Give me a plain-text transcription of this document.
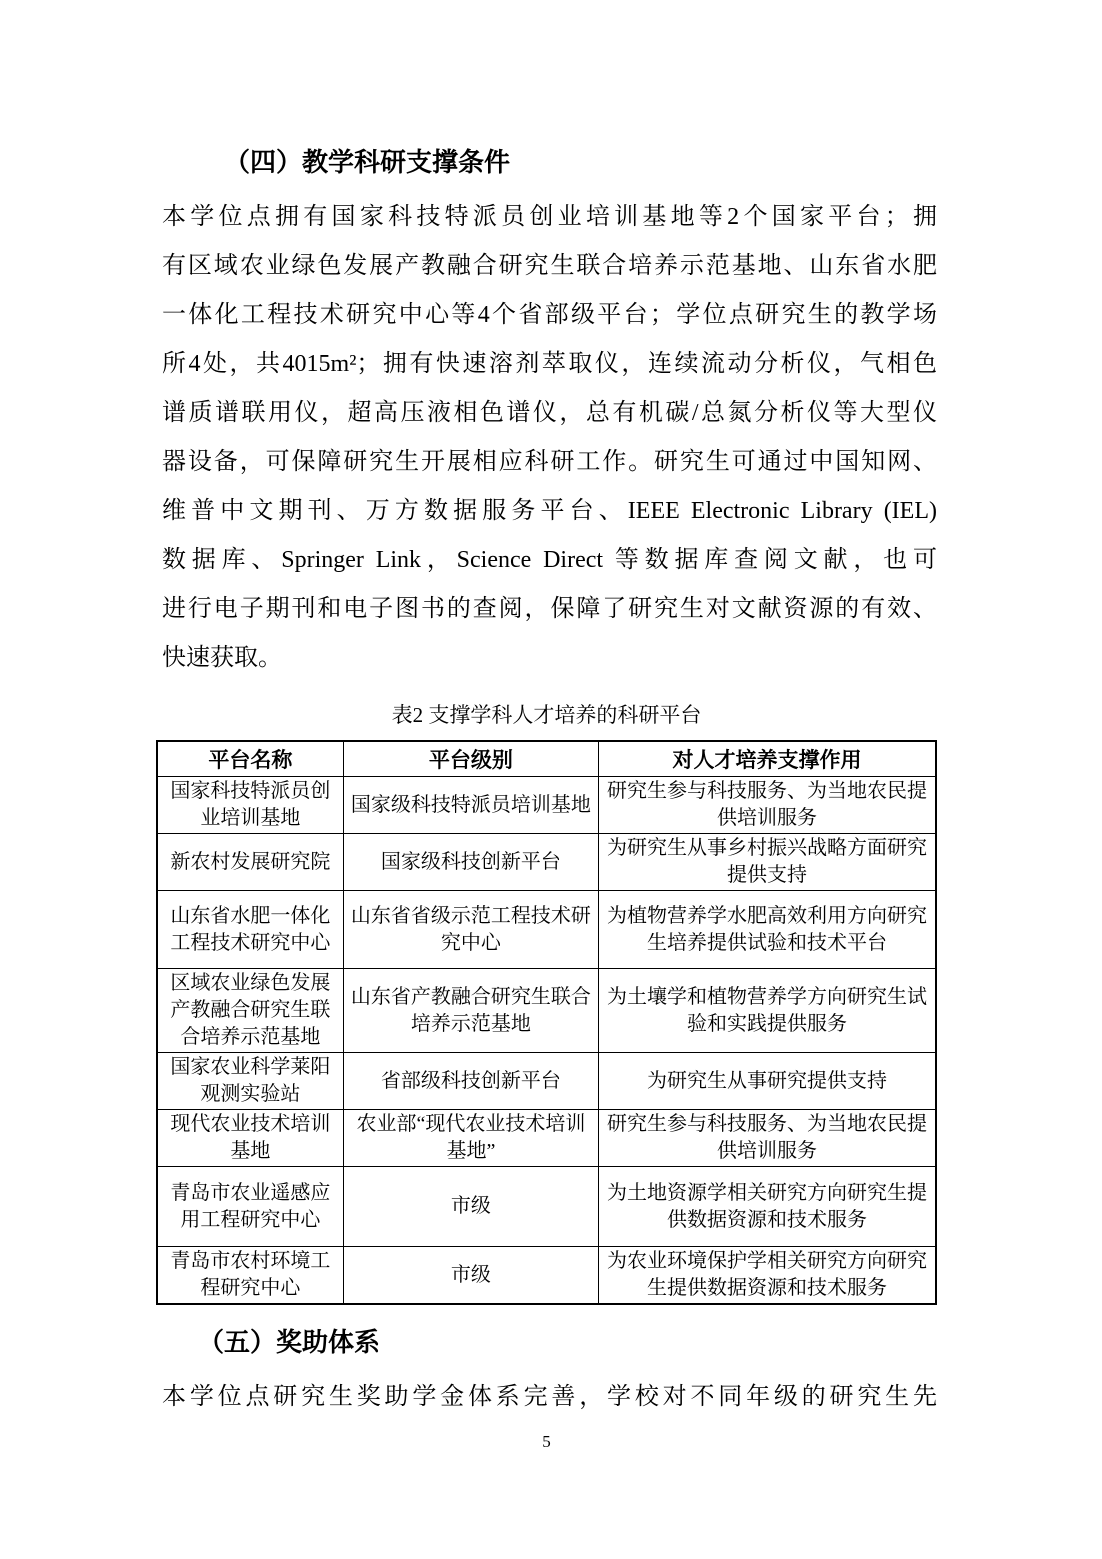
（四）教学科研支撑条件
本学位点拥有国家科技特派员创业培训基地等2个国家平台；拥
有区域农业绿色发展产教融合研究生联合培养示范基地、山东省水肥
一体化工程技术研究中心等4个省部级平台；学位点研究生的教学场
所4处，共4015m²；拥有快速溶剂萃取仪，连续流动分析仪，气相色
谱质谱联用仪，超高压液相色谱仪，总有机碳/总氮分析仪等大型仪
器设备，可保障研究生开展相应科研工作。研究生可通过中国知网、
维普中文期刊、万方数据服务平台、IEEE Electronic Library (IEL)
数据库、Springer Link，Science Direct 等数据库查阅文献，也可
进行电子期刊和电子图书的查阅，保障了研究生对文献资源的有效、
快速获取。
表2 支撑学科人才培养的科研平台
平台名称	平台级别	对人才培养支撑作用
国家科技特派员创业培训基地	国家级科技特派员培训基地	研究生参与科技服务、为当地农民提供培训服务
新农村发展研究院	国家级科技创新平台	为研究生从事乡村振兴战略方面研究提供支持
山东省水肥一体化工程技术研究中心	山东省省级示范工程技术研究中心	为植物营养学水肥高效利用方向研究生培养提供试验和技术平台
区域农业绿色发展产教融合研究生联合培养示范基地	山东省产教融合研究生联合培养示范基地	为土壤学和植物营养学方向研究生试验和实践提供服务
国家农业科学莱阳观测实验站	省部级科技创新平台	为研究生从事研究提供支持
现代农业技术培训基地	农业部“现代农业技术培训基地”	研究生参与科技服务、为当地农民提供培训服务
青岛市农业遥感应用工程研究中心	市级	为土地资源学相关研究方向研究生提供数据资源和技术服务
青岛市农村环境工程研究中心	市级	为农业环境保护学相关研究方向研究生提供数据资源和技术服务
（五）奖助体系
本学位点研究生奖助学金体系完善，学校对不同年级的研究生先
5
